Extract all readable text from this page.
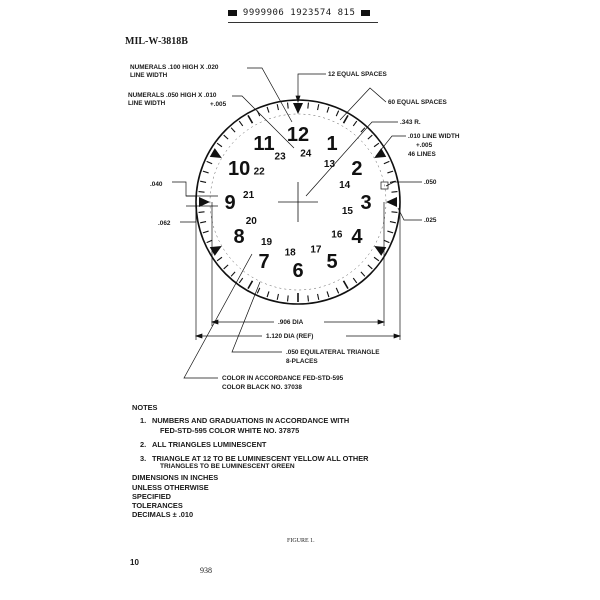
9999906 1923574 815
MIL-W-3818B
12 1
2
3
4
5
6
7
8
9
10
11	24
13
14
15
16
17
18
19
20
21
22
23
NUMERALS .100 HIGH X .020
LINE WIDTH
NUMERALS .050 HIGH X .010
LINE WIDTH	+.005
12 EQUAL SPACES
60 EQUAL SPACES
.343 R.
.010 LINE WIDTH
+.005
46 LINES
.040
.062
.050
.025
.906 DIA
1.120 DIA (REF)
.050 EQUILATERAL TRIANGLE
8-PLACES
COLOR IN ACCORDANCE FED-STD-595
COLOR BLACK NO. 37038
NOTES
1. NUMBERS AND GRADUATIONS IN ACCORDANCE WITH
FED-STD-595 COLOR WHITE NO. 37875
2. ALL TRIANGLES LUMINESCENT
3. TRIANGLE AT 12 TO BE LUMINESCENT YELLOW ALL OTHER
TRIANGLES TO BE LUMINESCENT GREEN
DIMENSIONS IN INCHES
UNLESS OTHERWISE
SPECIFIED
TOLERANCES
DECIMALS ± .010
FIGURE 1.
10
938
